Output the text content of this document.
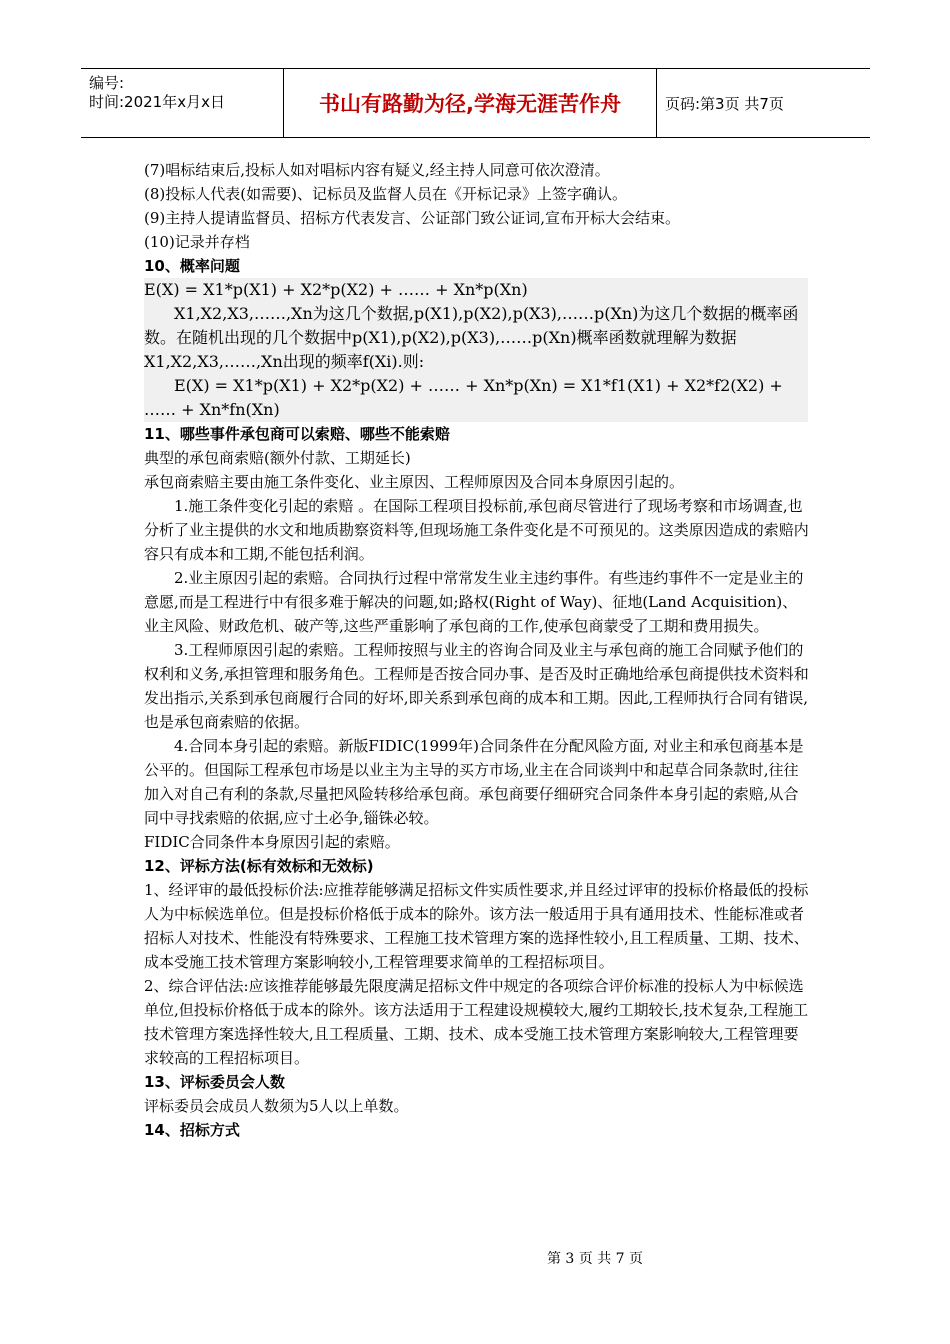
编号:
时间:2021年x月x日	书山有路勤为径,学海无涯苦作舟	页码:第3页 共7页

(7)唱标结束后,投标人如对唱标内容有疑义,经主持人同意可依次澄清。

(8)投标人代表(如需要)、记标员及监督人员在《开标记录》上签字确认。

(9)主持人提请监督员、招标方代表发言、公证部门致公证词,宣布开标大会结束。

(10)记录并存档

10、概率问题

E(X) = X1*p(X1) + X2*p(X2) + …… + Xn*p(Xn)

X1,X2,X3,……,Xn为这几个数据,p(X1),p(X2),p(X3),……p(Xn)为这几个数据的概率函数。在随机出现的几个数据中p(X1),p(X2),p(X3),……p(Xn)概率函数就理解为数据X1,X2,X3,……,Xn出现的频率f(Xi).则:

E(X) = X1*p(X1) + X2*p(X2) + …… + Xn*p(Xn) = X1*f1(X1) + X2*f2(X2) + …… + Xn*fn(Xn)

11、哪些事件承包商可以索赔、哪些不能索赔

典型的承包商索赔(额外付款、工期延长)

承包商索赔主要由施工条件变化、业主原因、工程师原因及合同本身原因引起的。

1.施工条件变化引起的索赔 。在国际工程项目投标前,承包商尽管进行了现场考察和市场调查,也分析了业主提供的水文和地质勘察资料等,但现场施工条件变化是不可预见的。这类原因造成的索赔内容只有成本和工期,不能包括利润。

2.业主原因引起的索赔。合同执行过程中常常发生业主违约事件。有些违约事件不一定是业主的意愿,而是工程进行中有很多难于解决的问题,如;路权(Right of Way)、征地(Land Acquisition)、业主风险、财政危机、破产等,这些严重影响了承包商的工作,使承包商蒙受了工期和费用损失。

3.工程师原因引起的索赔。工程师按照与业主的咨询合同及业主与承包商的施工合同赋予他们的权利和义务,承担管理和服务角色。工程师是否按合同办事、是否及时正确地给承包商提供技术资料和发出指示,关系到承包商履行合同的好坏,即关系到承包商的成本和工期。因此,工程师执行合同有错误,也是承包商索赔的依据。

4.合同本身引起的索赔。新版FIDIC(1999年)合同条件在分配风险方面, 对业主和承包商基本是公平的。但国际工程承包市场是以业主为主导的买方市场,业主在合同谈判中和起草合同条款时,往往加入对自己有利的条款,尽量把风险转移给承包商。承包商要仔细研究合同条件本身引起的索赔,从合同中寻找索赔的依据,应寸土必争,锱铢必较。

FIDIC合同条件本身原因引起的索赔。

12、评标方法(标有效标和无效标)

1、经评审的最低投标价法:应推荐能够满足招标文件实质性要求,并且经过评审的投标价格最低的投标人为中标候选单位。但是投标价格低于成本的除外。该方法一般适用于具有通用技术、性能标准或者招标人对技术、性能没有特殊要求、工程施工技术管理方案的选择性较小,且工程质量、工期、技术、成本受施工技术管理方案影响较小,工程管理要求简单的工程招标项目。

2、综合评估法:应该推荐能够最先限度满足招标文件中规定的各项综合评价标准的投标人为中标候选单位,但投标价格低于成本的除外。该方法适用于工程建设规模较大,履约工期较长,技术复杂,工程施工技术管理方案选择性较大,且工程质量、工期、技术、成本受施工技术管理方案影响较大,工程管理要求较高的工程招标项目。

13、评标委员会人数

评标委员会成员人数须为5人以上单数。

14、招标方式

第 3 页 共 7 页
